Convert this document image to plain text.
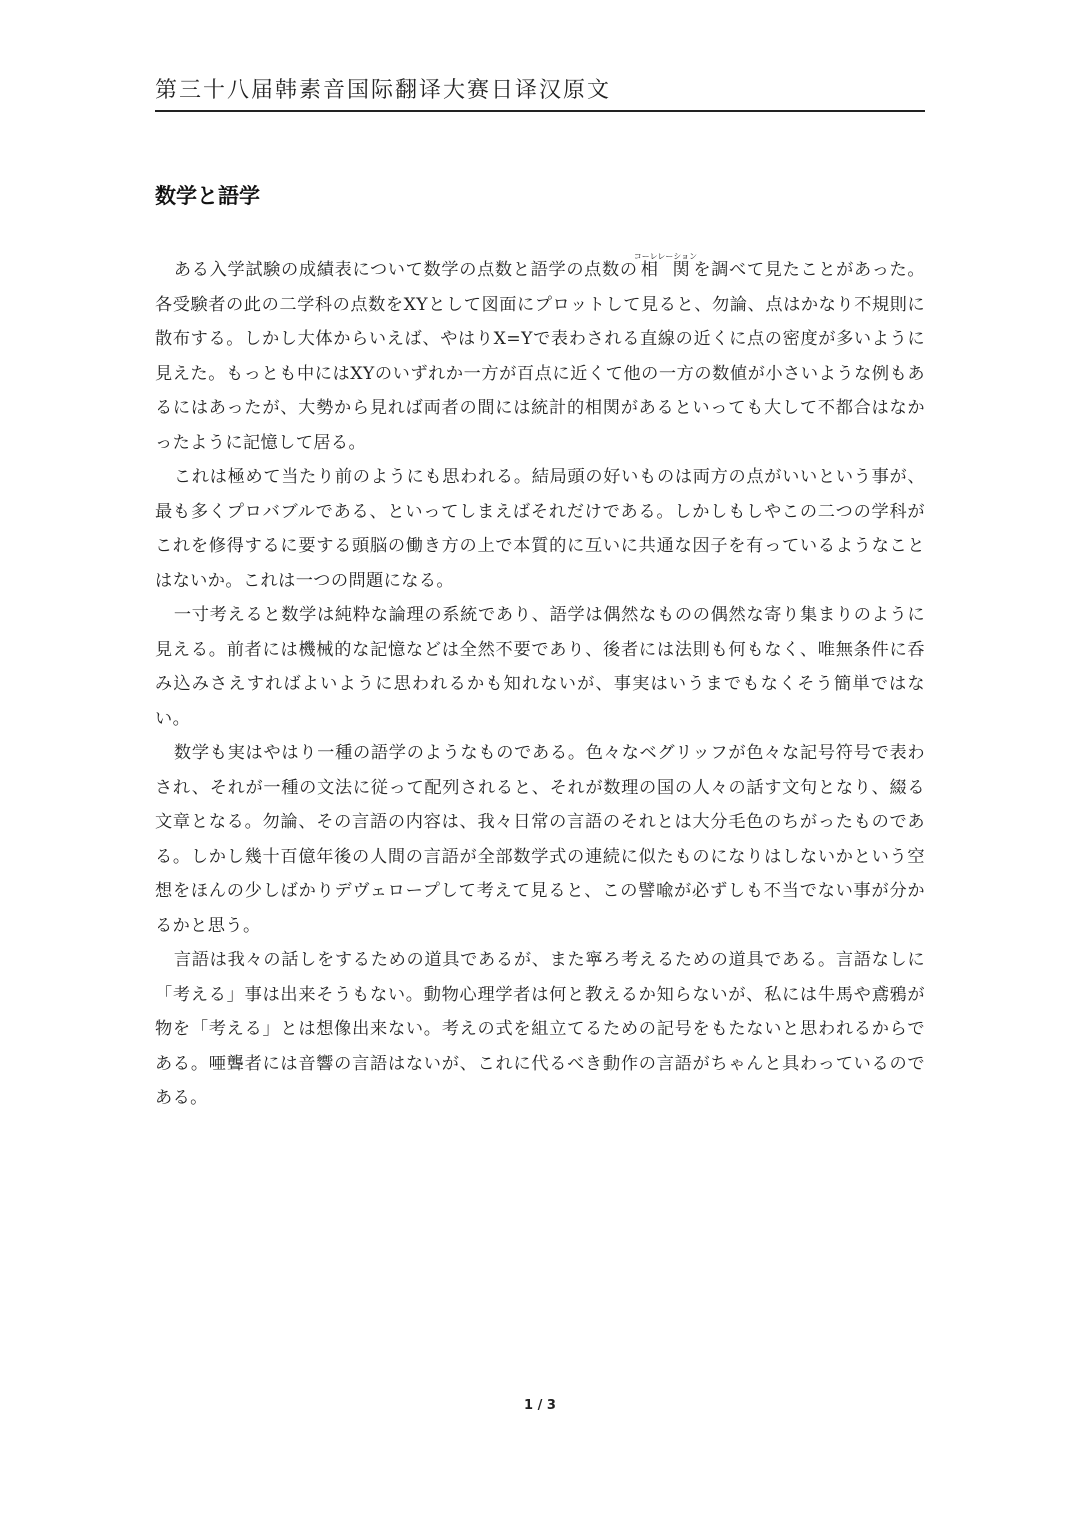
第三十八届韩素音国际翻译大赛日译汉原文
数学と語学

ある入学試験の成績表について数学の点数と語学の点数の相関コーレレーションを調べて見たことがあった。各受験者の此の二学科の点数をXYとして図面にプロットして見ると、勿論、点はかなり不規則に散布する。しかし大体からいえば、やはりX=Yで表わされる直線の近くに点の密度が多いように見えた。もっとも中にはXYのいずれか一方が百点に近くて他の一方の数値が小さいような例もあるにはあったが、大勢から見れば両者の間には統計的相関があるといっても大して不都合はなかったように記憶して居る。

これは極めて当たり前のようにも思われる。結局頭の好いものは両方の点がいいという事が、最も多くプロバブルである、といってしまえばそれだけである。しかしもしやこの二つの学科がこれを修得するに要する頭脳の働き方の上で本質的に互いに共通な因子を有っているようなことはないか。これは一つの問題になる。

一寸考えると数学は純粋な論理の系統であり、語学は偶然なものの偶然な寄り集まりのように見える。前者には機械的な記憶などは全然不要であり、後者には法則も何もなく、唯無条件に呑み込みさえすればよいように思われるかも知れないが、事実はいうまでもなくそう簡単ではない。

数学も実はやはり一種の語学のようなものである。色々なベグリッフが色々な記号符号で表わされ、それが一種の文法に従って配列されると、それが数理の国の人々の話す文句となり、綴る文章となる。勿論、その言語の内容は、我々日常の言語のそれとは大分毛色のちがったものである。しかし幾十百億年後の人間の言語が全部数学式の連続に似たものになりはしないかという空想をほんの少しばかりデヴェロープして考えて見ると、この譬喩が必ずしも不当でない事が分かるかと思う。

言語は我々の話しをするための道具であるが、また寧ろ考えるための道具である。言語なしに「考える」事は出来そうもない。動物心理学者は何と教えるか知らないが、私には牛馬や鳶鴉が物を「考える」とは想像出来ない。考えの式を組立てるための記号をもたないと思われるからである。唖聾者には音響の言語はないが、これに代るべき動作の言語がちゃんと具わっているのである。

1 / 3
